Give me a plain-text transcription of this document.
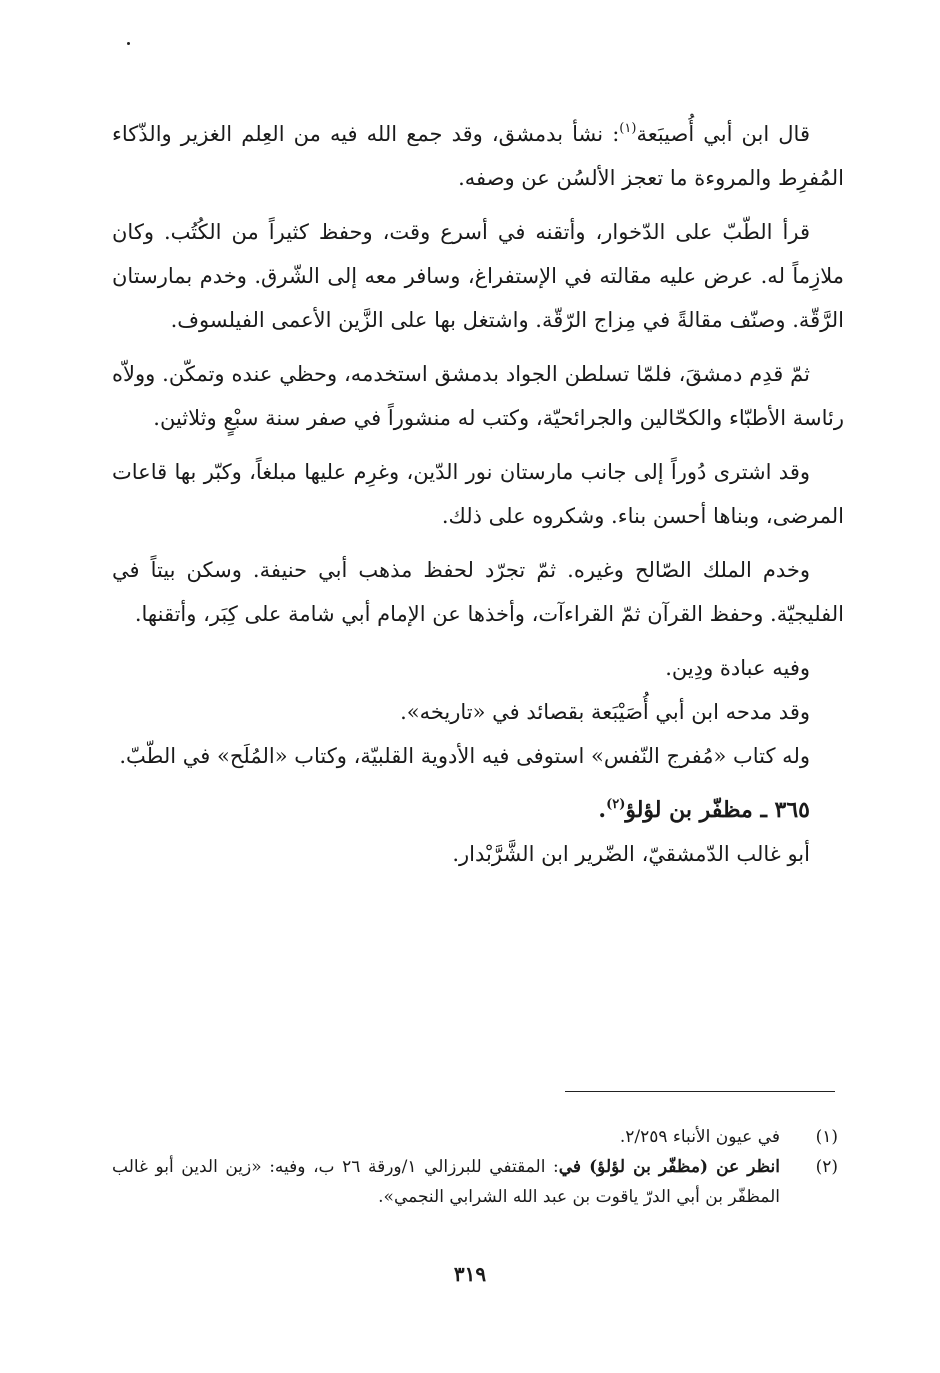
قال ابن أبي أُصيبَعة$^{(١)}$: نشأ بدمشق، وقد جمع الله فيه من العِلم الغزير والذّكاء المُفرِط والمروءة ما تعجز الألسُن عن وصفه.

قرأ الطّبّ على الدّخوار، وأتقنه في أسرع وقت، وحفظ كثيراً من الكُتُب. وكان ملازِماً له. عرض عليه مقالته في الإستفراغ، وسافر معه إلى الشّرق. وخدم بمارستان الرَّقّة. وصنّف مقالةً في مِزاج الرّقّة. واشتغل بها على الزَّين الأعمى الفيلسوف.

ثمّ قدِم دمشقَ، فلمّا تسلطن الجواد بدمشق استخدمه، وحظي عنده وتمكّن. وولاّه رئاسة الأطبّاء والكحّالين والجرائحيّة، وكتب له منشوراً في صفر سنة سبْعٍ وثلاثين.

وقد اشترى دُوراً إلى جانب مارستان نور الدّين، وغرِم عليها مبلغاً، وكبّر بها قاعات المرضى، وبناها أحسن بناء. وشكروه على ذلك.

وخدم الملك الصّالح وغيره. ثمّ تجرّد لحفظ مذهب أبي حنيفة. وسكن بيتاً في الفليجيّة. وحفظ القرآن ثمّ القراءآت، وأخذها عن الإمام أبي شامة على كِبَر، وأتقنها.

وفيه عبادة ودِين.

وقد مدحه ابن أبي أُصَيْبَعة بقصائد في «تاريخه».

وله كتاب «مُفرج النّفس» استوفى فيه الأدوية القلبيّة، وكتاب «المُلَح» في الطّبّ.

٣٦٥ ـ مظفّر بن لؤلؤ$^{(٢)}$.

أبو غالب الدّمشقيّ، الضّرير ابن الشَّرَّبْدار.

(١)
في عيون الأنباء ٢/٢٥٩.
(٢)
انظر عن (مظفّر بن لؤلؤ) في: المقتفي للبرزالي ١/ورقة ٢٦ ب، وفيه: «زين الدين أبو غالب المظفّر بن أبي الدرّ ياقوت بن عبد الله الشرابي النجمي».
٣١٩
